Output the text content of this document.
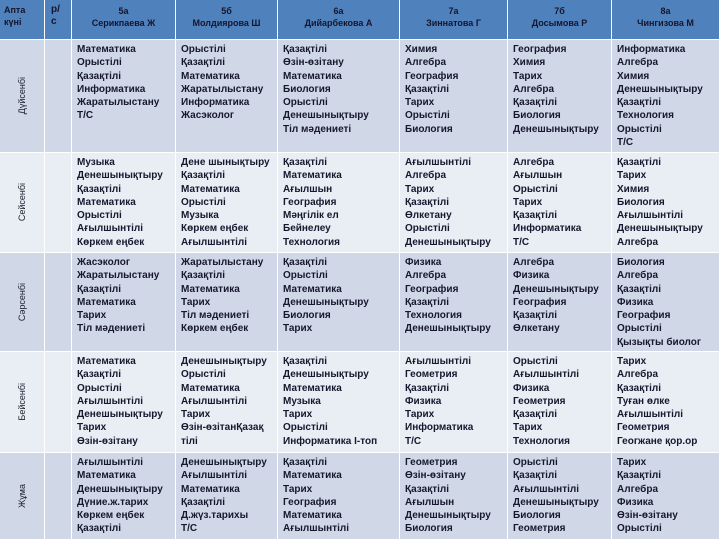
Апта күні
р/с
5а
Серикпаева Ж
5б
Молдиярова Ш
6а
Дийарбекова А
7а
Зиннатова Г
7б
Досымова Р
8а
Чингизова М
Дүйсенбі
Математика
Орыстілі
Қазақтілі
Информатика
Жаратылыстану
Т/С
Орыстілі
Қазақтілі
Математика
Жаратылыстану
Информатика
Жасэколог
Қазақтілі
Өзін-өзітану
Математика
Биология
Орыстілі
Денешынықтыру
Тіл мәдениеті
Химия
Алгебра
География
Қазақтілі
Тарих
Орыстілі
Биология
География
Химия
Тарих
Алгебра
Қазақтілі
Биология
Денешынықтыру
Информатика
Алгебра
Химия
Денешынықтыру
Қазақтілі
Технология
Орыстілі
Т/С
Сейсенбі
Музыка
Денешынықтыру
Қазақтілі
Математика
Орыстілі
Ағылшынтілі
Көркем еңбек
Дене шынықтыру
Қазақтілі
Математика
Орыстілі
Музыка
Көркем еңбек
Ағылшынтілі
Қазақтілі
Математика
Ағылшын
География
Мәңгілік ел
Бейнелеу
Технология
Ағылшынтілі
Алгебра
Тарих
Қазақтілі
Өлкетану
Орыстілі
Денешынықтыру
Алгебра
Ағылшын
Орыстілі
Тарих
Қазақтілі
Информатика
Т/С
Қазақтілі
Тарих
Химия
Биология
Ағылшынтілі
Денешынықтыру
Алгебра
Сәрсенбі
Жасэколог
Жаратылыстану
Қазақтілі
Математика
Тарих
Тіл мәдениеті
Жаратылыстану
Қазақтілі
Математика
Тарих
Тіл мәдениеті
Көркем еңбек
Қазақтілі
Орыстілі
Математика
Денешынықтыру
Биология
Тарих
Физика
Алгебра
География
Қазақтілі
Технология
Денешынықтыру
Алгебра
Физика
Денешынықтыру
География
Қазақтілі
Өлкетану
Биология
Алгебра
Қазақтілі
Физика
География
Орыстілі
Қызықты биолог
Бейсенбі
Математика
Қазақтілі
Орыстілі
Ағылшынтілі
Денешынықтыру
Тарих
Өзін-өзітану
Денешынықтыру
Орыстілі
Математика
Ағылшынтілі
Тарих
Өзін-өзітанҚазақ тілі
Қазақтілі
Денешынықтыру
Математика
Музыка
Тарих
Орыстілі
Информатика I-топ
Ағылшынтілі
Геометрия
Қазақтілі
Физика
Тарих
Информатика
Т/С
Орыстілі
Ағылшынтілі
Физика
Геометрия
Қазақтілі
Тарих
Технология
Тарих
Алгебра
Қазақтілі
Туған өлке
Ағылшынтілі
Геометрия
Геогжане қор.ор
Жұма
Ағылшынтілі
Математика
Денешынықтыру
Дүние.ж.тарих
Көркем еңбек
Қазақтілі
Денешынықтыру
Ағылшынтілі
Математика
Қазақтілі
Д.жүз.тарихы
Т/С
Қазақтілі
Математика
Тарих
География
Математика
Ағылшынтілі
Геометрия
Өзін-өзітану
Қазақтілі
Ағылшын
Денешынықтыру
Биология
Орыстілі
Қазақтілі
Ағылшынтілі
Денешынықтыру
Биология
Геометрия
Тарих
Қазақтілі
Алгебра
Физика
Өзін-өзітану
Орыстілі
